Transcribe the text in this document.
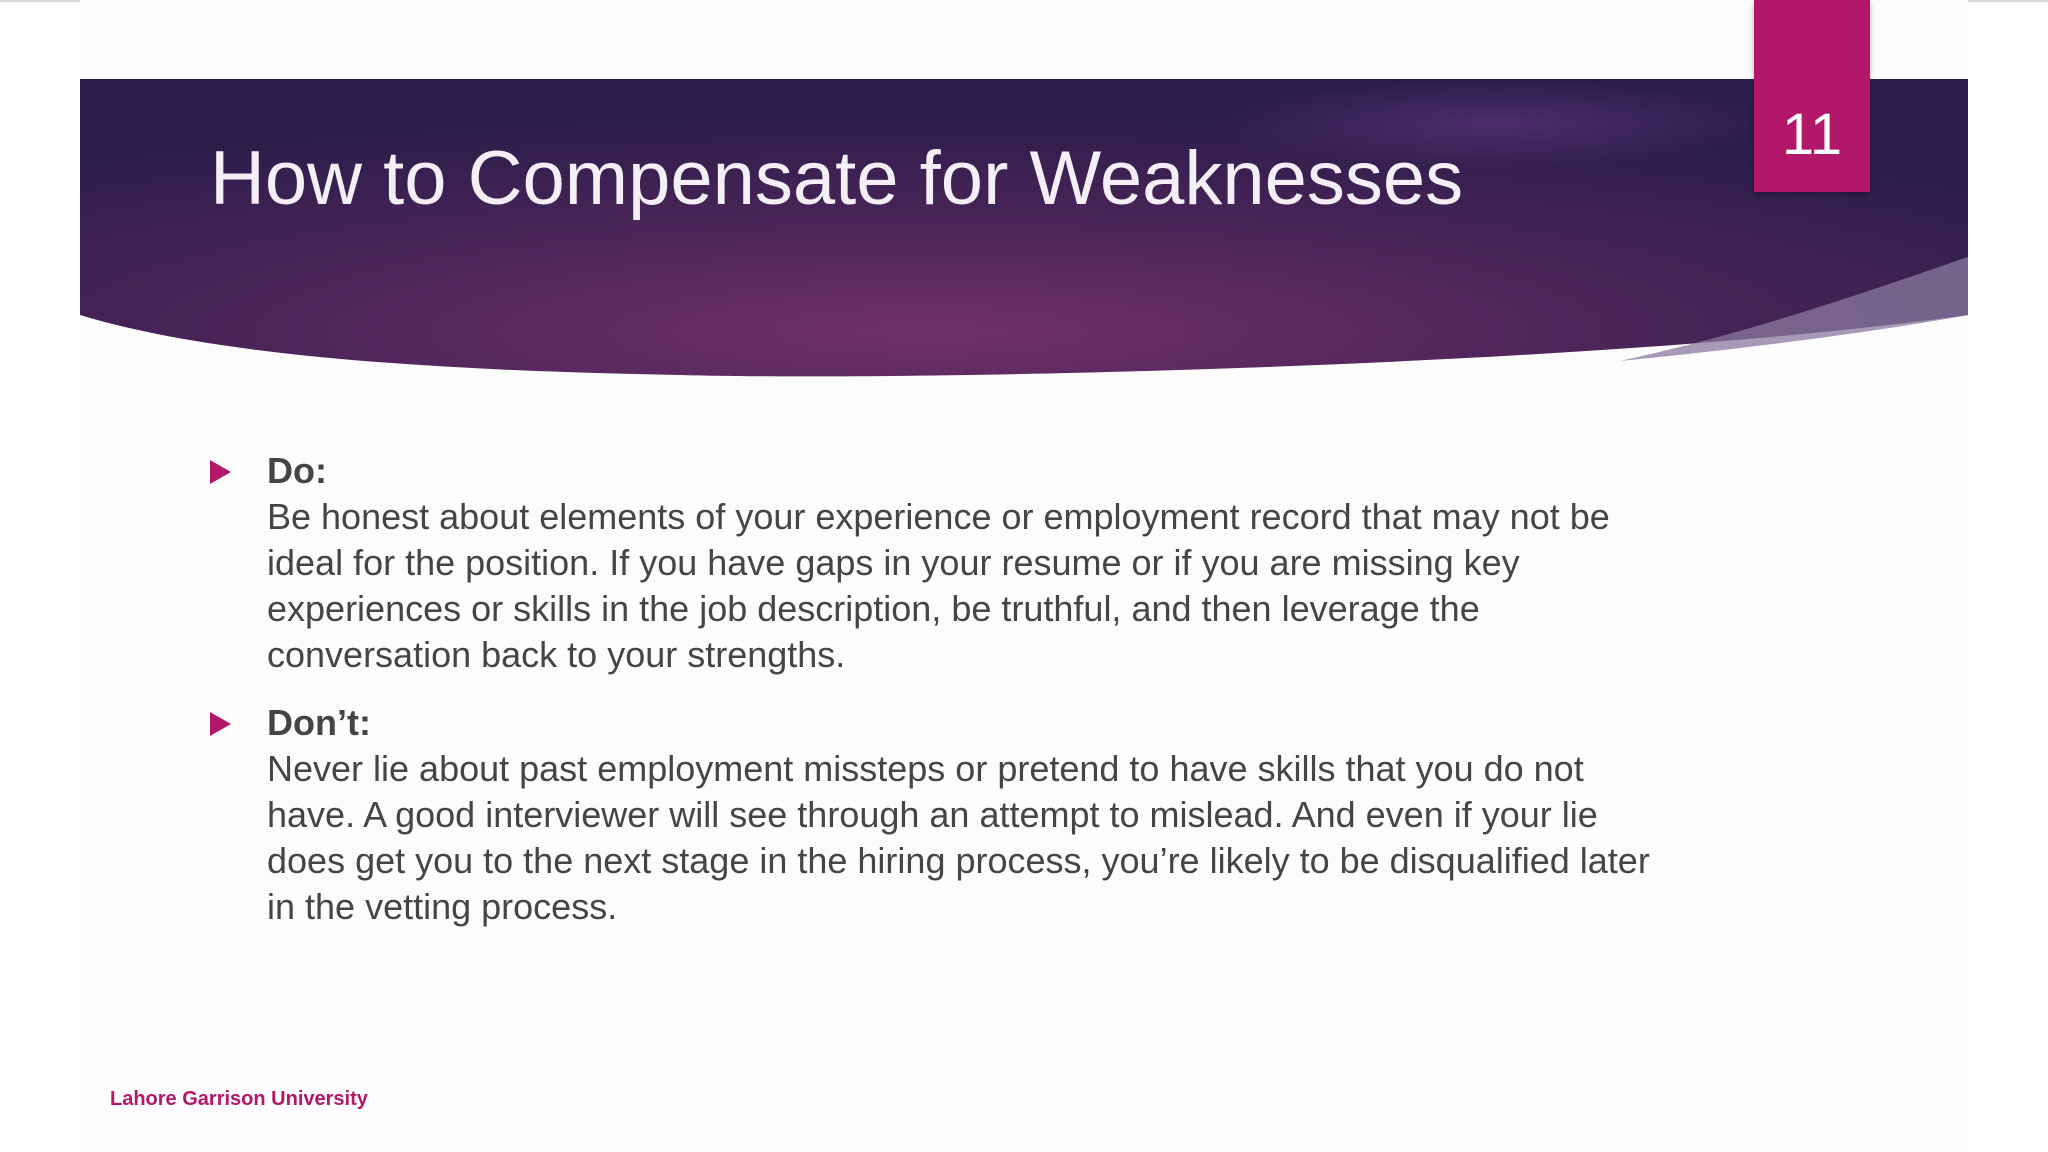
How to Compensate for Weaknesses
11
Do:
Be honest about elements of your experience or employment record that may not be ideal for the position. If you have gaps in your resume or if you are missing key experiences or skills in the job description, be truthful, and then leverage the conversation back to your strengths.
Don’t:
Never lie about past employment missteps or pretend to have skills that you do not have. A good interviewer will see through an attempt to mislead. And even if your lie does get you to the next stage in the hiring process, you’re likely to be disqualified later in the vetting process.
Lahore Garrison University
